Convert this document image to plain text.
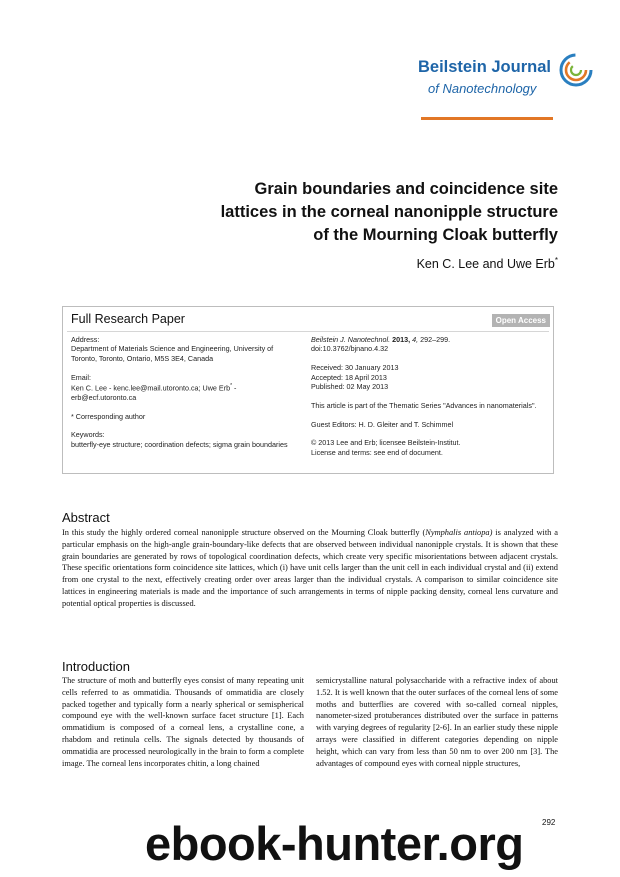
Beilstein Journal
of Nanotechnology
Grain boundaries and coincidence site
lattices in the corneal nanonipple structure
of the Mourning Cloak butterfly
Ken C. Lee and Uwe Erb*
Full Research Paper	Open Access

Address:

Department of Materials Science and Engineering, University of Toronto, Toronto, Ontario, M5S 3E4, Canada

Email:

Ken C. Lee - kenc.lee@mail.utoronto.ca; Uwe Erb* - erb@ecf.utoronto.ca

* Corresponding author

Keywords:

butterfly-eye structure; coordination defects; sigma grain boundaries

Beilstein J. Nanotechnol. 2013, 4, 292–299.

doi:10.3762/bjnano.4.32

Received: 30 January 2013

Accepted: 18 April 2013

Published: 02 May 2013

This article is part of the Thematic Series "Advances in nanomaterials".

Guest Editors: H. D. Gleiter and T. Schimmel

© 2013 Lee and Erb; licensee Beilstein-Institut.

License and terms: see end of document.

Abstract

In this study the highly ordered corneal nanonipple structure observed on the Mourning Cloak butterfly (Nymphalis antiopa) is analyzed with a particular emphasis on the high-angle grain-boundary-like defects that are observed between individual nanonipple crystals. It is shown that these grain boundaries are generated by rows of topological coordination defects, which create very specific misorientations between adjacent crystals. These specific orientations form coincidence site lattices, which (i) have unit cells larger than the unit cell in each individual crystal and (ii) extend from one crystal to the next, effectively creating order over areas larger than the individual crystals. A comparison to similar coincidence site lattices in engineering materials is made and the importance of such arrangements in terms of nipple packing density, corneal lens curvature and potential optical properties is discussed.

Introduction

The structure of moth and butterfly eyes consist of many repeating unit cells referred to as ommatidia. Thousands of ommatidia are closely packed together and typically form a nearly spherical or semispherical compound eye with the well-known surface facet structure [1]. Each ommatidium is composed of a corneal lens, a crystalline cone, a rhabdom and retinula cells. The signals detected by thousands of ommatidia are processed neurologically in the brain to form a complete image. The corneal lens incorporates chitin, a long chained

semicrystalline natural polysaccharide with a refractive index of about 1.52. It is well known that the outer surfaces of the corneal lens of some moths and butterflies are covered with so-called corneal nipples, nanometer-sized protuberances distributed over the surface in patterns with varying degrees of regularity [2-6]. In an earlier study these nipple arrays were classified in different categories depending on nipple height, which can vary from less than 50 nm to over 200 nm [3]. The advantages of compound eyes with corneal nipple structures,

292
ebook-hunter.org
